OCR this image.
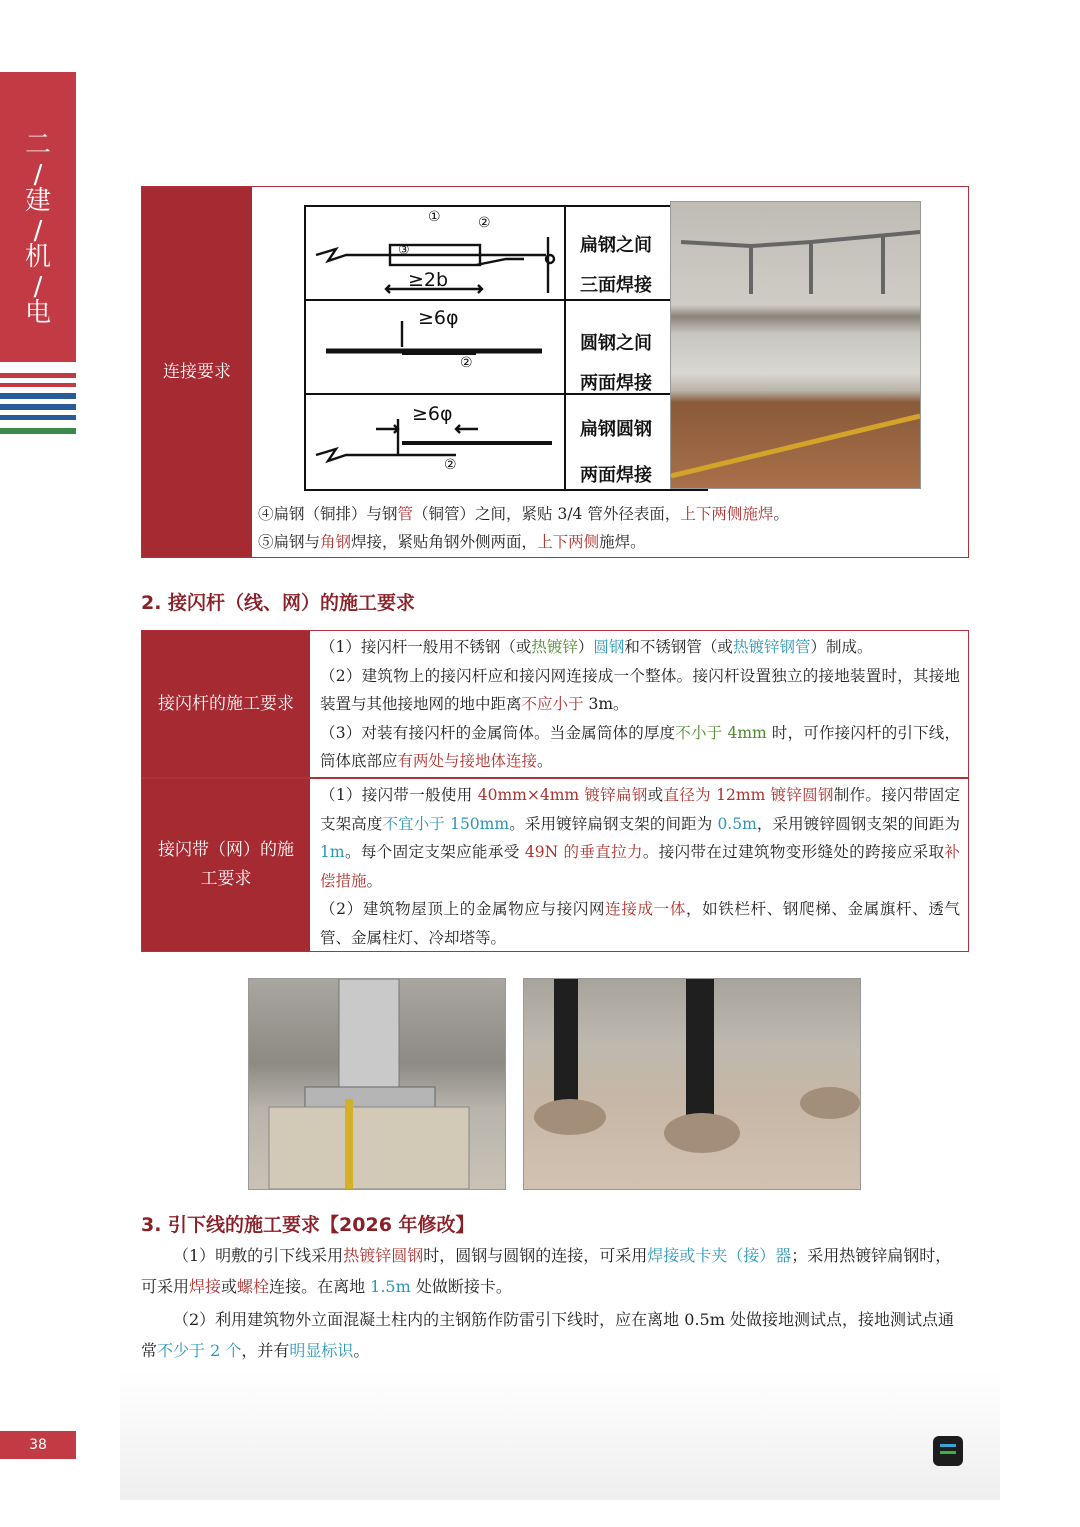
二
/
建
/
机
/
电
连接要求
①	②
③
≥2b
≥6φ
②
≥6φ
②
扁钢之间
三面焊接
圆钢之间
两面焊接
扁钢圆钢
两面焊接
④扁钢（铜排）与钢管（铜管）之间，紧贴 3/4 管外径表面，上下两侧施焊。
⑤扁钢与角钢焊接，紧贴角钢外侧两面，上下两侧施焊。
2. 接闪杆（线、网）的施工要求
接闪杆的施工要求
接闪带（网）的施工要求
（1）接闪杆一般用不锈钢（或热镀锌）圆钢和不锈钢管（或热镀锌钢管）制成。
（2）建筑物上的接闪杆应和接闪网连接成一个整体。接闪杆设置独立的接地装置时，其接地装置与其他接地网的地中距离不应小于 3m。
（3）对装有接闪杆的金属筒体。当金属筒体的厚度不小于 4mm 时，可作接闪杆的引下线，筒体底部应有两处与接地体连接。
（1）接闪带一般使用 40mm×4mm 镀锌扁钢或直径为 12mm 镀锌圆钢制作。接闪带固定支架高度不宜小于 150mm。采用镀锌扁钢支架的间距为 0.5m，采用镀锌圆钢支架的间距为 1m。每个固定支架应能承受 49N 的垂直拉力。接闪带在过建筑物变形缝处的跨接应采取补偿措施。
（2）建筑物屋顶上的金属物应与接闪网连接成一体，如铁栏杆、钢爬梯、金属旗杆、透气管、金属柱灯、冷却塔等。
3. 引下线的施工要求【2026 年修改】
（1）明敷的引下线采用热镀锌圆钢时，圆钢与圆钢的连接，可采用焊接或卡夹（接）器；采用热镀锌扁钢时，可采用焊接或螺栓连接。在离地 1.5m 处做断接卡。
（2）利用建筑物外立面混凝土柱内的主钢筋作防雷引下线时，应在离地 0.5m 处做接地测试点，接地测试点通常不少于 2 个，并有明显标识。
38
